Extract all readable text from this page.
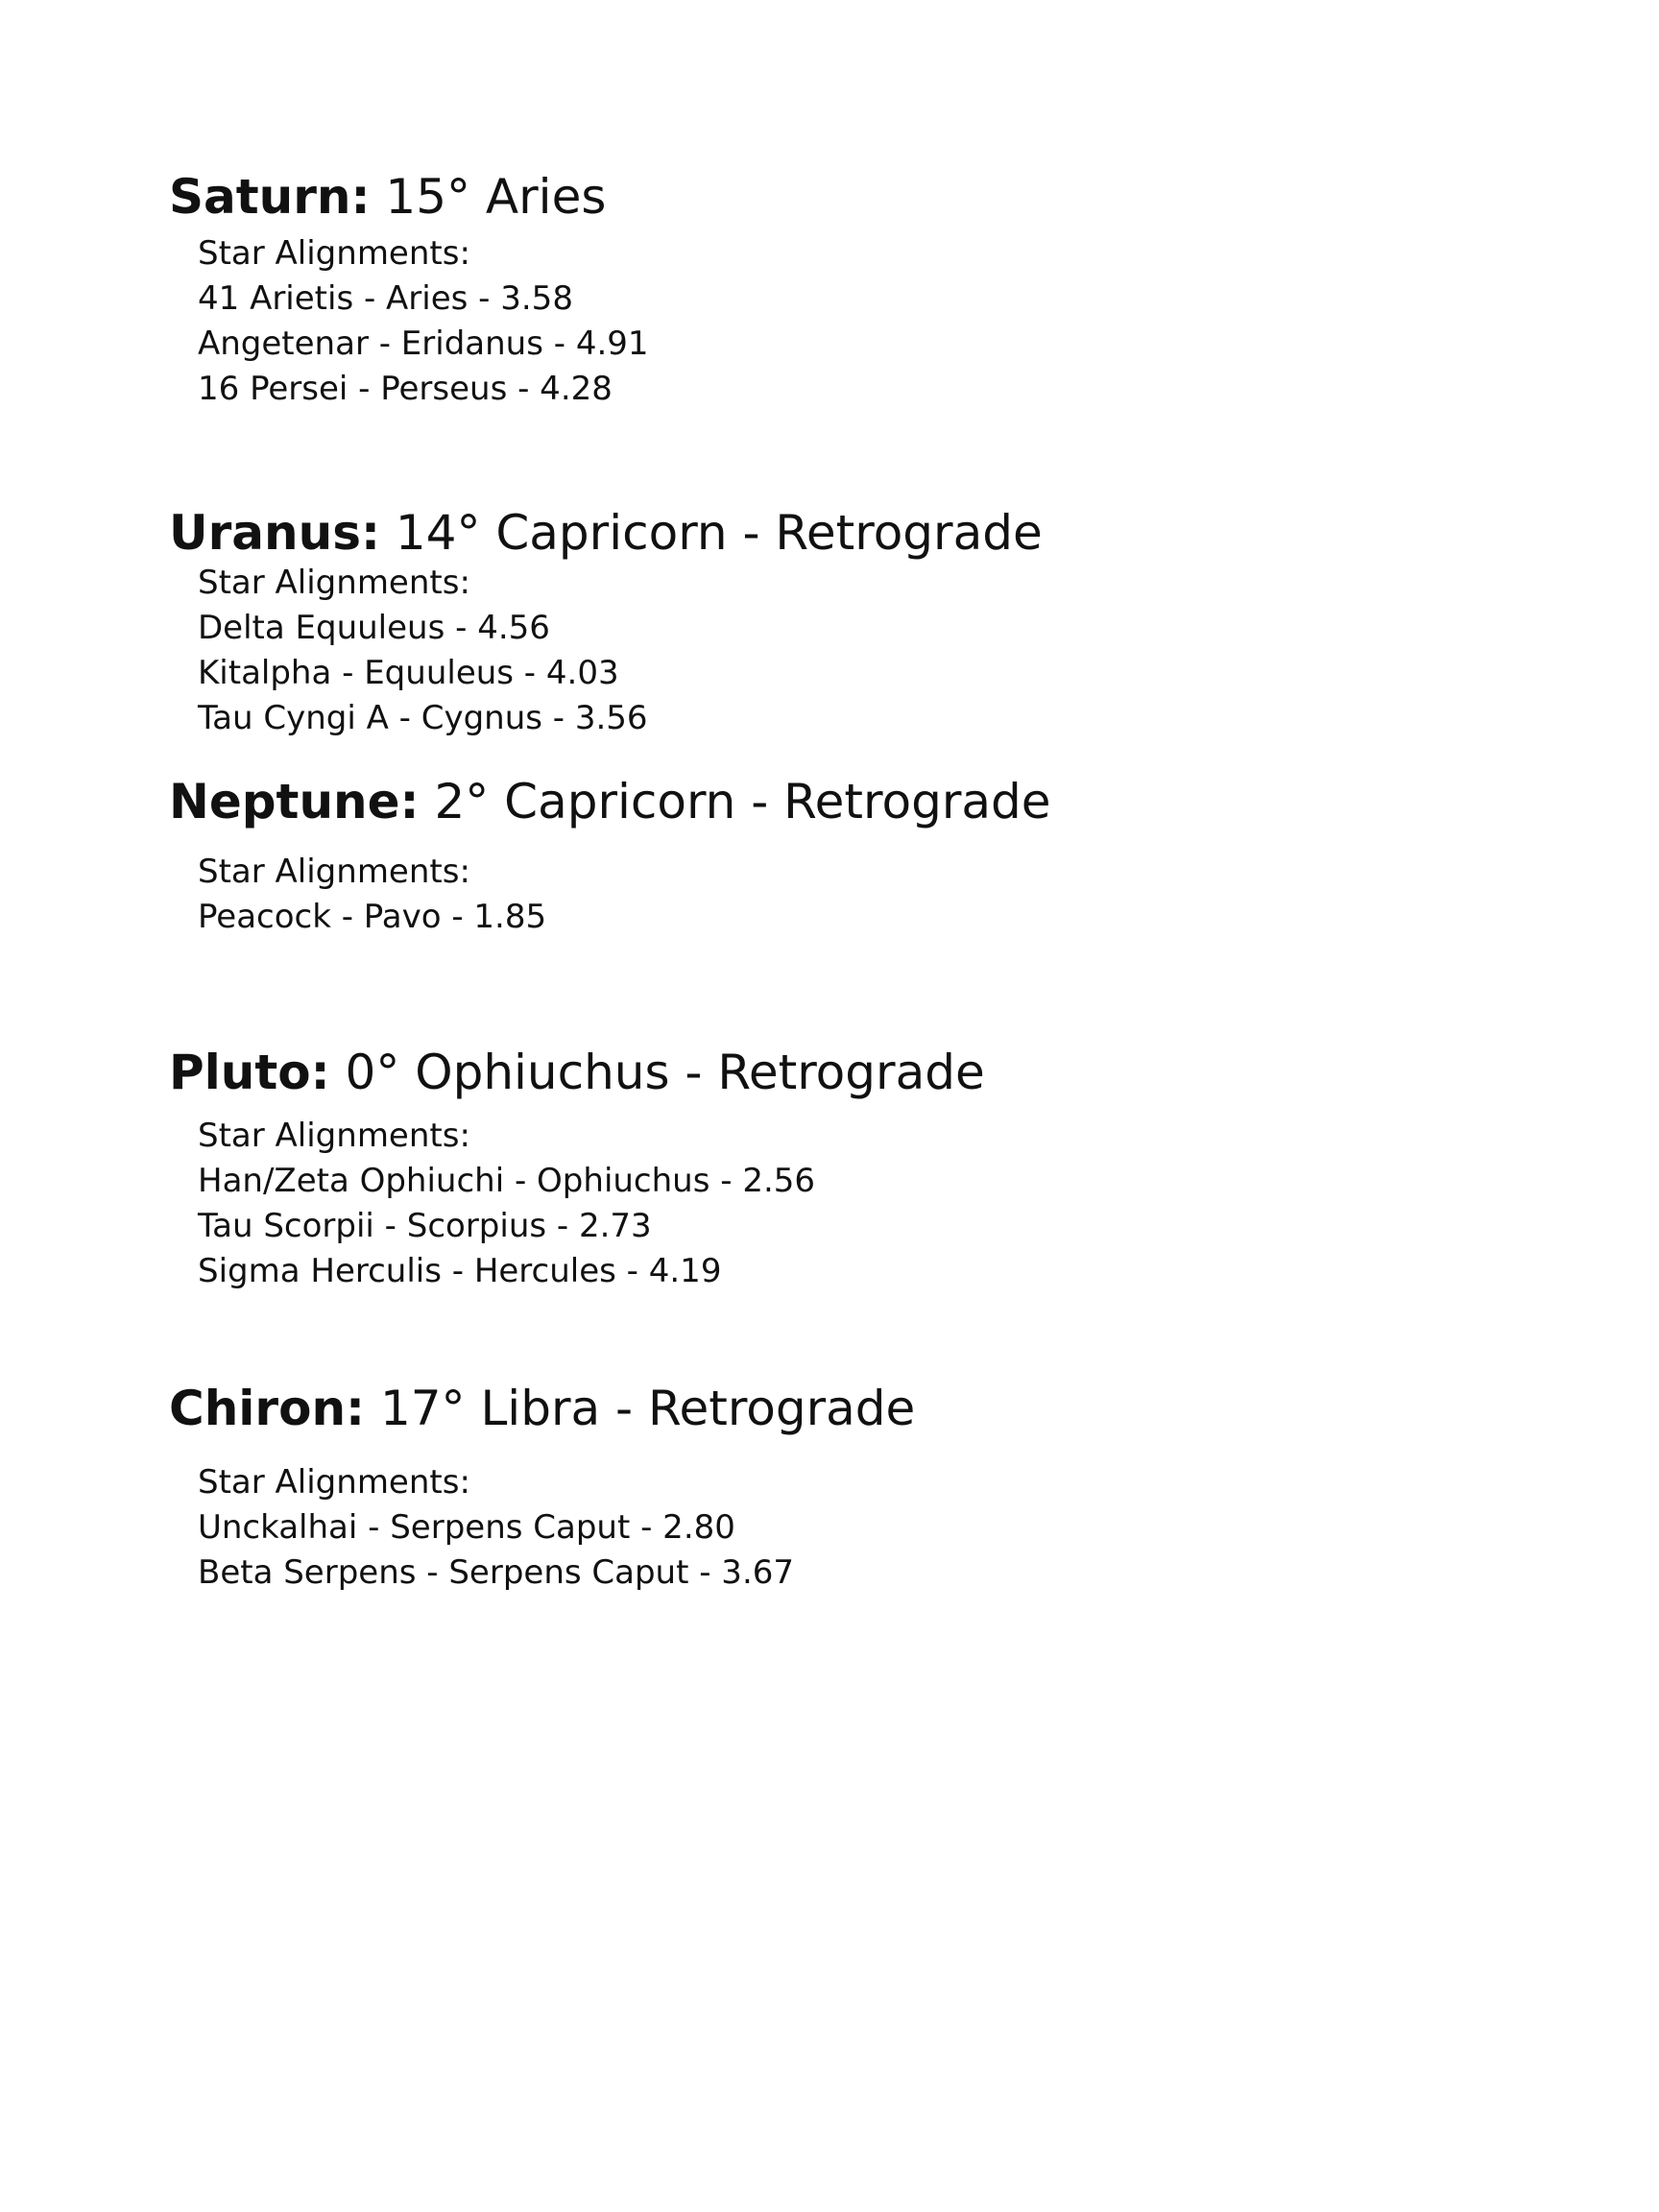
Saturn: 15° Aries
Star Alignments:
41 Arietis - Aries - 3.58
Angetenar - Eridanus - 4.91
16 Persei - Perseus - 4.28
Uranus: 14° Capricorn - Retrograde
Star Alignments:
Delta Equuleus - 4.56
Kitalpha - Equuleus - 4.03
Tau Cyngi A - Cygnus - 3.56
Neptune: 2° Capricorn - Retrograde
Star Alignments:
Peacock - Pavo - 1.85
Pluto: 0° Ophiuchus - Retrograde
Star Alignments:
Han/Zeta Ophiuchi - Ophiuchus - 2.56
Tau Scorpii - Scorpius - 2.73
Sigma Herculis - Hercules - 4.19
Chiron: 17° Libra - Retrograde
Star Alignments:
Unckalhai - Serpens Caput - 2.80
Beta Serpens - Serpens Caput - 3.67
